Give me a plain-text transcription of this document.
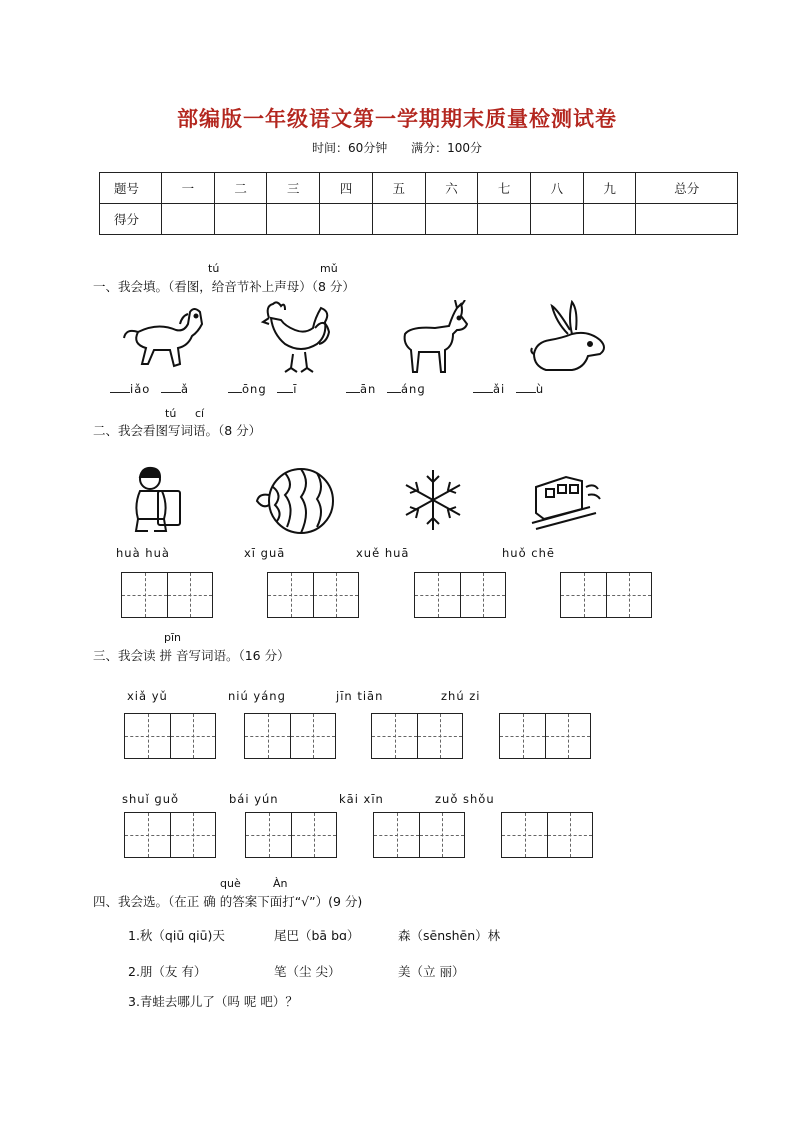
部编版一年级语文第一学期期末质量检测试卷
时间：60分钟 满分：100分
题号	一	二	三	四	五	六	七	八	九	总分
得分										
tú	mǔ
一、我会填。（看图，给音节补上声母）（8 分）
iǎo	ǎ	ōng ī	ān ánɡ	ǎi	ù
tú cí
二、我会看图写词语。（8 分）
huà huà	xī guā	xuě huā	huǒ chē
pīn
三、我会读 拼 音写词语。（16 分）
xiǎ yǔ	niú yánɡ	jīn tiān	zhú zi
shuǐ ɡuǒ	bái yún	kāi xīn	zuǒ shǒu
què	Àn
四、我会选。（在正 确 的答案下面打“√”）(9 分)
1.秋（qiū qiū)天	尾巴（bā bɑ）	森（sēnshēn）林
2.朋（友 有）	笔（尘 尖）	美（立 丽）
3.青蛙去哪儿了（吗 呢 吧）？
